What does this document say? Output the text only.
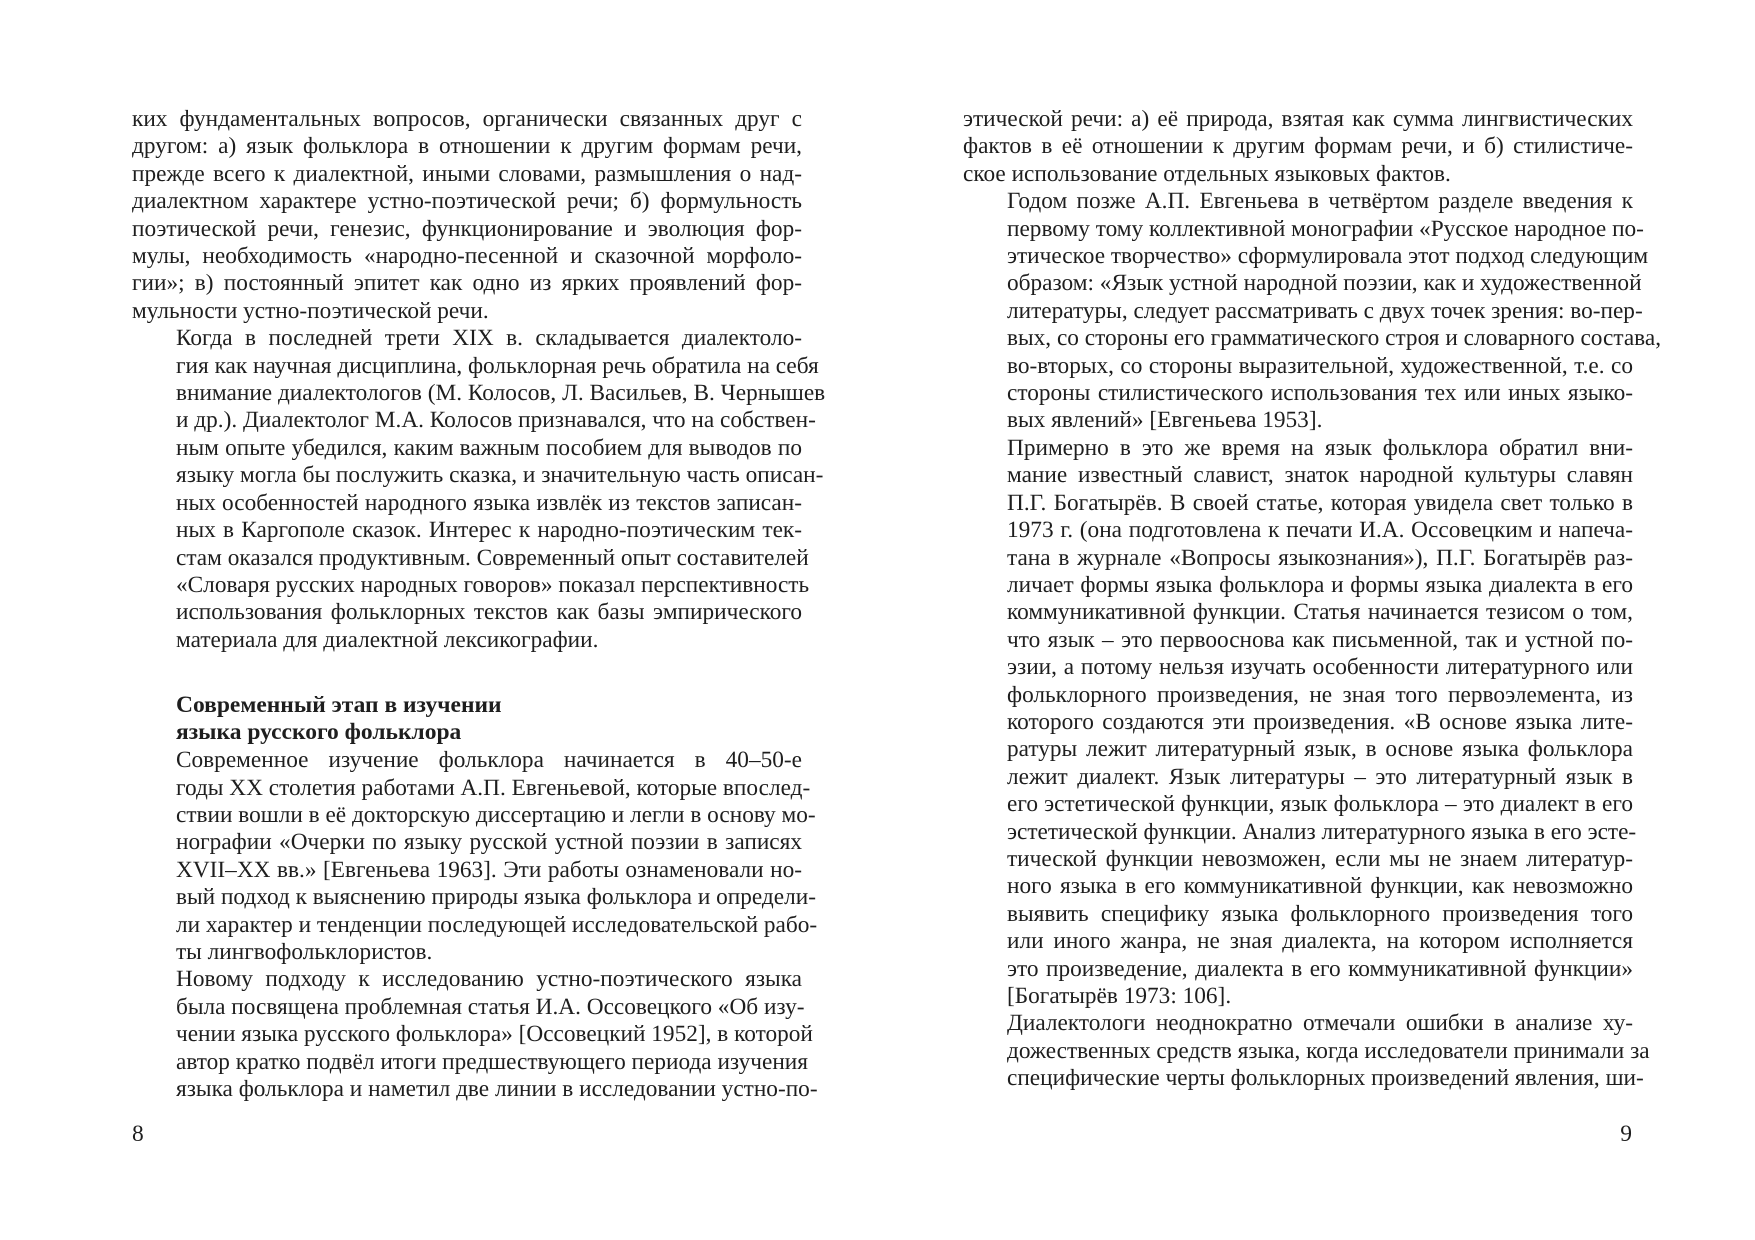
ких фундаментальных вопросов, органически связанных друг с
другом: а) язык фольклора в отношении к другим формам речи,
прежде всего к диалектной, иными словами, размышления о над-
диалектном характере устно-поэтической речи; б) формульность
поэтической речи, генезис, функционирование и эволюция фор-
мулы, необходимость «народно-песенной и сказочной морфоло-
гии»; в) постоянный эпитет как одно из ярких проявлений фор-
мульности устно-поэтической речи.
Когда в последней трети XIX в. складывается диалектоло-
гия как научная дисциплина, фольклорная речь обратила на себя
внимание диалектологов (М. Колосов, Л. Васильев, В. Чернышев
и др.). Диалектолог М.А. Колосов признавался, что на собствен-
ным опыте убедился, каким важным пособием для выводов по
языку могла бы послужить сказка, и значительную часть описан-
ных особенностей народного языка извлёк из текстов записан-
ных в Каргополе сказок. Интерес к народно-поэтическим тек-
стам оказался продуктивным. Современный опыт составителей
«Словаря русских народных говоров» показал перспективность
использования фольклорных текстов как базы эмпирического
материала для диалектной лексикографии.
Современный этап в изучении
языка русского фольклора
Современное изучение фольклора начинается в 40–50-е
годы XX столетия работами А.П. Евгеньевой, которые впослед-
ствии вошли в её докторскую диссертацию и легли в основу мо-
нографии «Очерки по языку русской устной поэзии в записях
XVII–XX вв.» [Евгеньева 1963]. Эти работы ознаменовали но-
вый подход к выяснению природы языка фольклора и определи-
ли характер и тенденции последующей исследовательской рабо-
ты лингвофольклористов.
Новому подходу к исследованию устно-поэтического языка
была посвящена проблемная статья И.А. Оссовецкого «Об изу-
чении языка русского фольклора» [Оссовецкий 1952], в которой
автор кратко подвёл итоги предшествующего периода изучения
языка фольклора и наметил две линии в исследовании устно-по-
8
этической речи: а) её природа, взятая как сумма лингвистических
фактов в её отношении к другим формам речи, и б) стилистиче-
ское использование отдельных языковых фактов.
Годом позже А.П. Евгеньева в четвёртом разделе введения к
первому тому коллективной монографии «Русское народное по-
этическое творчество» сформулировала этот подход следующим
образом: «Язык устной народной поэзии, как и художественной
литературы, следует рассматривать с двух точек зрения: во-пер-
вых, со стороны его грамматического строя и словарного состава,
во-вторых, со стороны выразительной, художественной, т.е. со
стороны стилистического использования тех или иных языко-
вых явлений» [Евгеньева 1953].
Примерно в это же время на язык фольклора обратил вни-
мание известный славист, знаток народной культуры славян
П.Г. Богатырёв. В своей статье, которая увидела свет только в
1973 г. (она подготовлена к печати И.А. Оссовецким и напеча-
тана в журнале «Вопросы языкознания»), П.Г. Богатырёв раз-
личает формы языка фольклора и формы языка диалекта в его
коммуникативной функции. Статья начинается тезисом о том,
что язык – это первооснова как письменной, так и устной по-
эзии, а потому нельзя изучать особенности литературного или
фольклорного произведения, не зная того первоэлемента, из
которого создаются эти произведения. «В основе языка лите-
ратуры лежит литературный язык, в основе языка фольклора
лежит диалект. Язык литературы – это литературный язык в
его эстетической функции, язык фольклора – это диалект в его
эстетической функции. Анализ литературного языка в его эсте-
тической функции невозможен, если мы не знаем литератур-
ного языка в его коммуникативной функции, как невозможно
выявить специфику языка фольклорного произведения того
или иного жанра, не зная диалекта, на котором исполняется
это произведение, диалекта в его коммуникативной функции»
[Богатырёв 1973: 106].
Диалектологи неоднократно отмечали ошибки в анализе ху-
дожественных средств языка, когда исследователи принимали за
специфические черты фольклорных произведений явления, ши-
9
